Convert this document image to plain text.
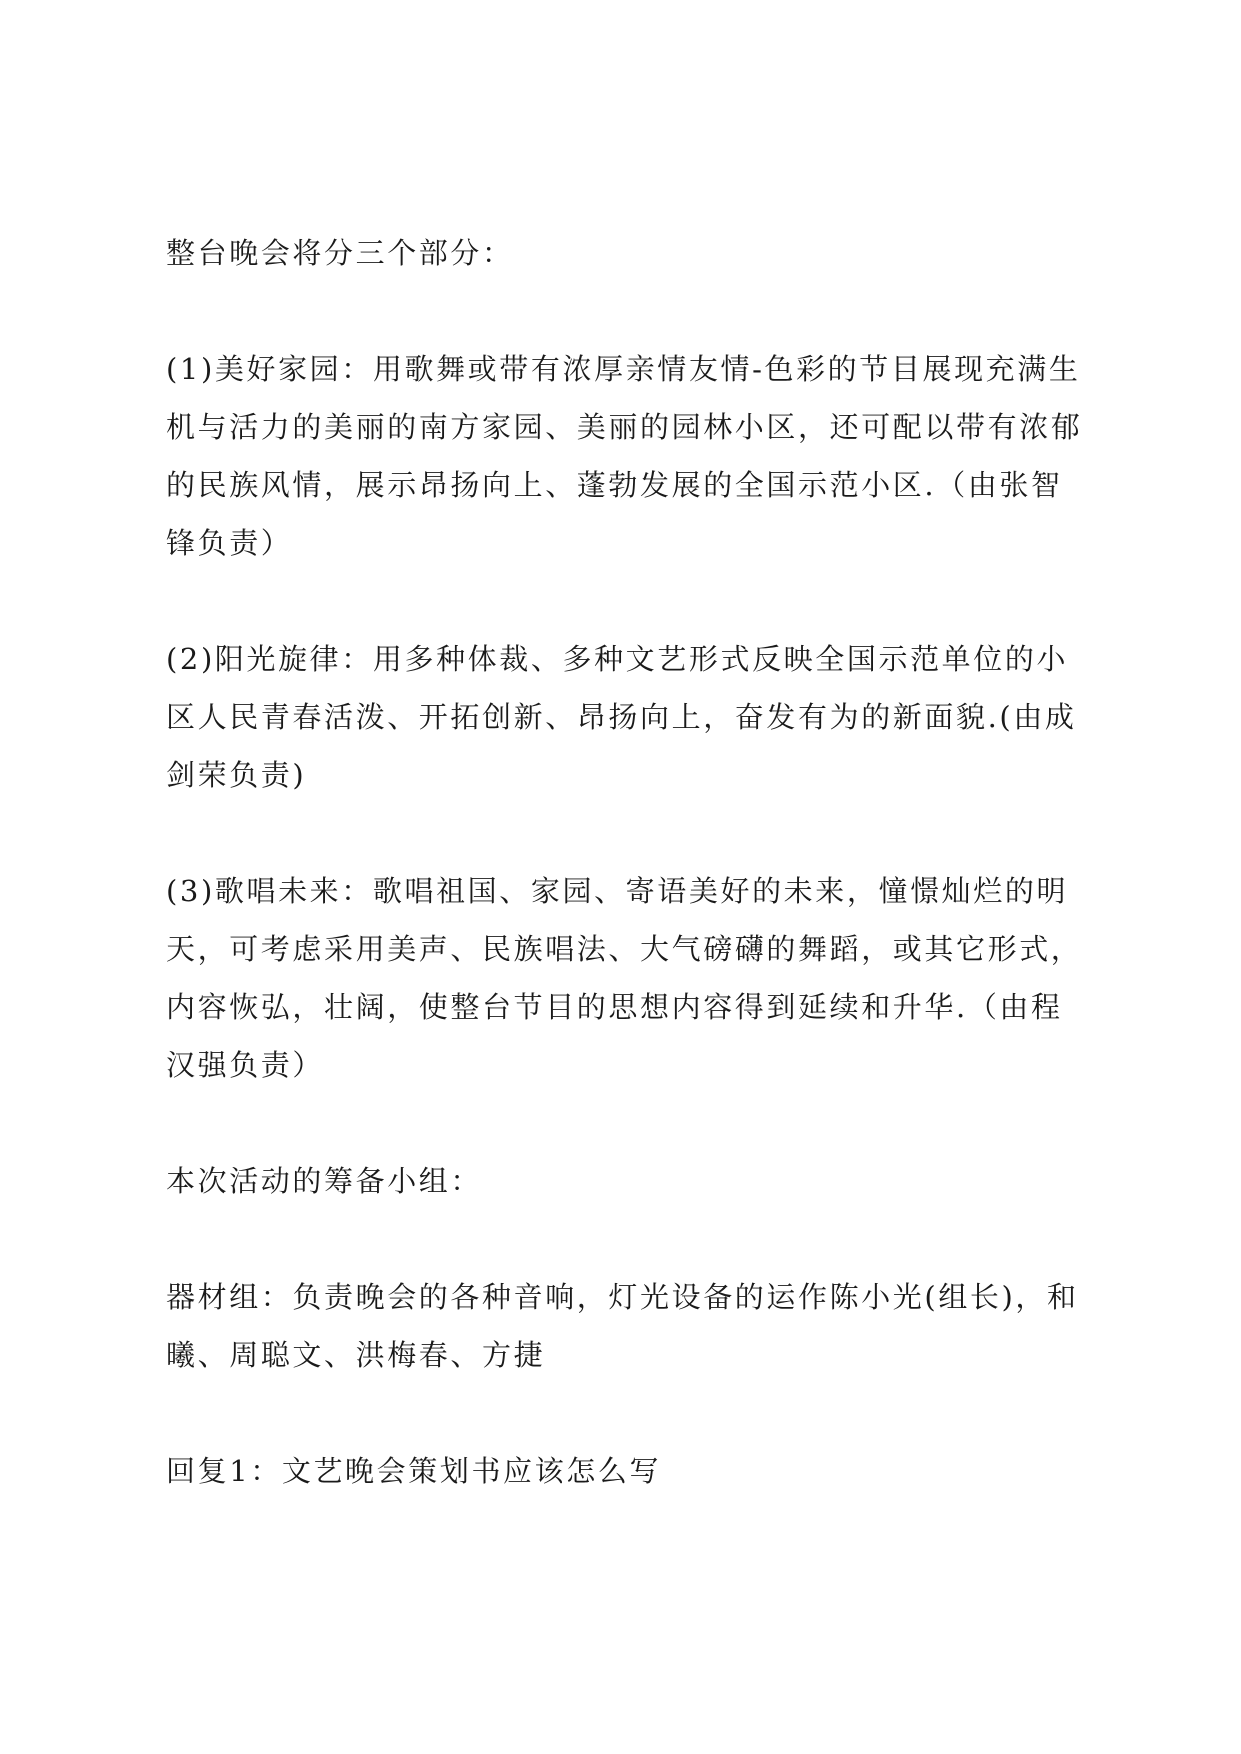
整台晚会将分三个部分：

(1)美好家园：用歌舞或带有浓厚亲情友情-色彩的节目展现充满生机与活力的美丽的南方家园、美丽的园林小区，还可配以带有浓郁的民族风情，展示昂扬向上、蓬勃发展的全国示范小区.（由张智锋负责）

(2)阳光旋律：用多种体裁、多种文艺形式反映全国示范单位的小区人民青春活泼、开拓创新、昂扬向上，奋发有为的新面貌.(由成剑荣负责)

(3)歌唱未来：歌唱祖国、家园、寄语美好的未来，憧憬灿烂的明天，可考虑采用美声、民族唱法、大气磅礴的舞蹈，或其它形式，内容恢弘，壮阔，使整台节目的思想内容得到延续和升华.（由程汉强负责）

本次活动的筹备小组：

器材组：负责晚会的各种音响，灯光设备的运作陈小光(组长)，和曦、周聪文、洪梅春、方捷

回复1：文艺晚会策划书应该怎么写
